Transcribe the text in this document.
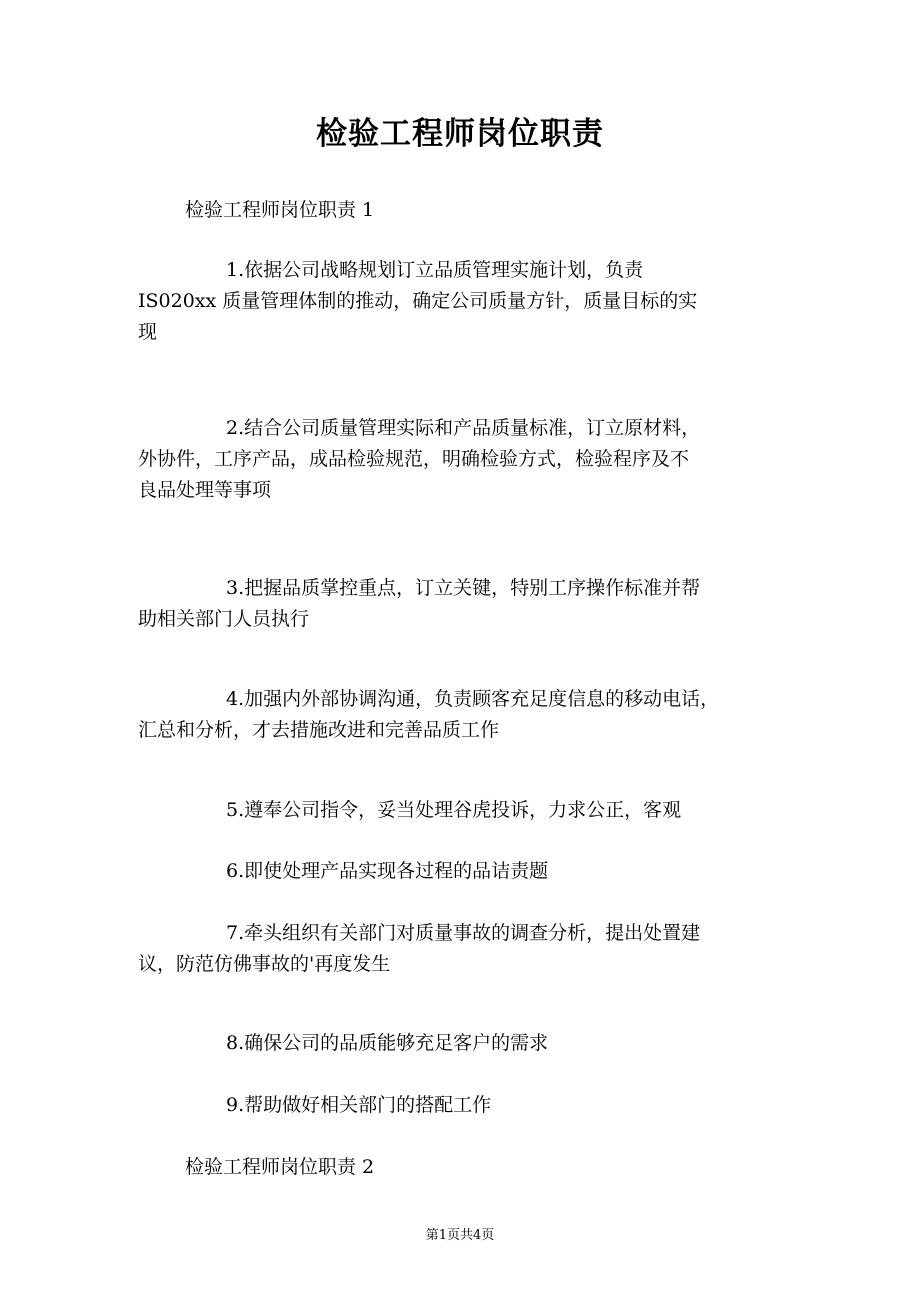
检验工程师岗位职责
检验工程师岗位职责 1
1.依据公司战略规划订立品质管理实施计划，负责
IS020xx 质量管理体制的推动，确定公司质量方针，质量目标的实
现
2.结合公司质量管理实际和产品质量标准，订立原材料，
外协件，工序产品，成品检验规范，明确检验方式，检验程序及不
良品处理等事项
3.把握品质掌控重点，订立关键，特别工序操作标准并帮
助相关部门人员执行
4.加强内外部协调沟通，负责顾客充足度信息的移动电话，
汇总和分析，才去措施改进和完善品质工作
5.遵奉公司指令，妥当处理谷虎投诉，力求公正，客观
6.即使处理产品实现各过程的品诘责题
7.牵头组织有关部门对质量事故的调查分析，提出处置建
议，防范仿佛事故的'再度发生
8.确保公司的品质能够充足客户的需求
9.帮助做好相关部门的搭配工作
检验工程师岗位职责 2
第1页共4页
